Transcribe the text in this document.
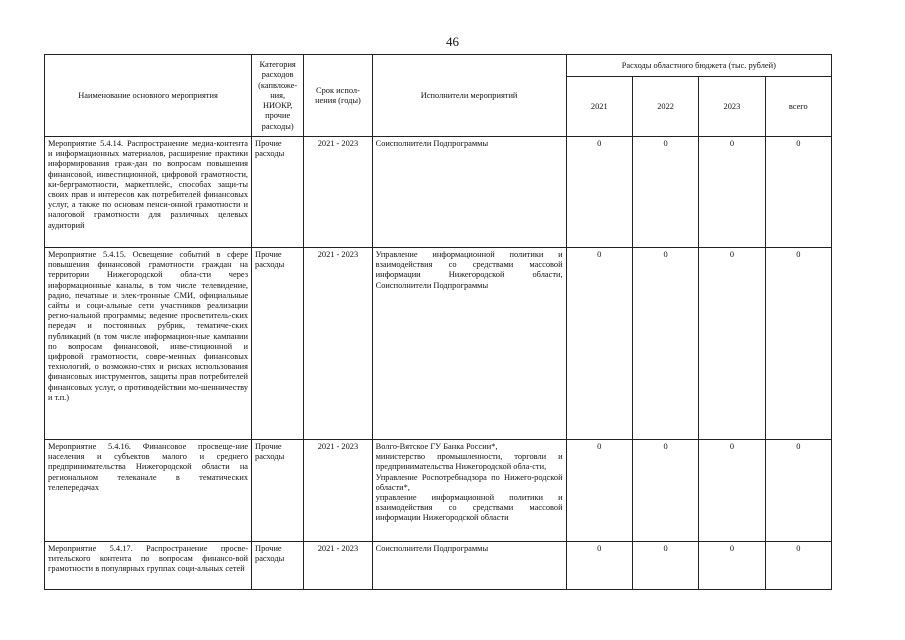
46
Наименование основного мероприятия	Категория расходов (капвложе-ния, НИОКР, прочие расходы)	Срок испол-нения (годы)	Исполнители мероприятий	Расходы областного бюджета (тыс. рублей)			
				2021	2022	2023	всего
Мероприятие 5.4.14. Распространение медиа-контента и информационных материалов, расширение практики информирования граж-дан по вопросам повышения финансовой, инвестиционной, цифровой грамотности, ки-бергрaмотности, маркетплейс, способах защи-ты своих прав и интересов как потребителей финансовых услуг, а также по основам пенси-онной грамотности и налоговой грамотности для различных целевых аудиторий	Прочие расходы	2021 - 2023	Соисполнители Подпрограммы	0	0	0	0
Мероприятие 5.4.15. Освещение событий в сфере повышения финансовой грамотности граждан на территории Нижегородской обла-сти через информационные каналы, в том числе телевидение, радио, печатные и элек-тронные СМИ, официальные сайты и соци-альные сети участников реализации регио-нальной программы; ведение просветитель-ских передач и постоянных рубрик, тематиче-ских публикаций (в том числе информацион-ные кампании по вопросам финансовой, инве-стиционной и цифровой грамотности, совре-менных финансовых технологий, о возможно-стях и рисках использования финансовых инструментов, защиты прав потребителей финансовых услуг, о противодействии мо-шенничеству и т.п.)	Прочие расходы	2021 - 2023	Управление информационной политики и взаимодействия со средствами массовой информации Нижегородской области, Соисполнители Подпрограммы	0	0	0	0
Мероприятие 5.4.16. Финансовое просвеще-ние населения и субъектов малого и среднего предпринимательства Нижегородской области на региональном телеканале в тематических телепередачах	Прочие расходы	2021 - 2023	Волго-Вятское ГУ Банка России*,
министерство промышленности, торговли и предпринимательства Нижегородской обла-сти,
Управление Роспотребнадзора по Нижего-родской области*,
управление информационной политики и взаимодействия со средствами массовой информации Нижегородской области	0	0	0	0
Мероприятие 5.4.17. Распространение просве-тительского контента по вопросам финансо-вой грамотности в популярных группах соци-альных сетей	Прочие расходы	2021 - 2023	Соисполнители Подпрограммы	0	0	0	0
